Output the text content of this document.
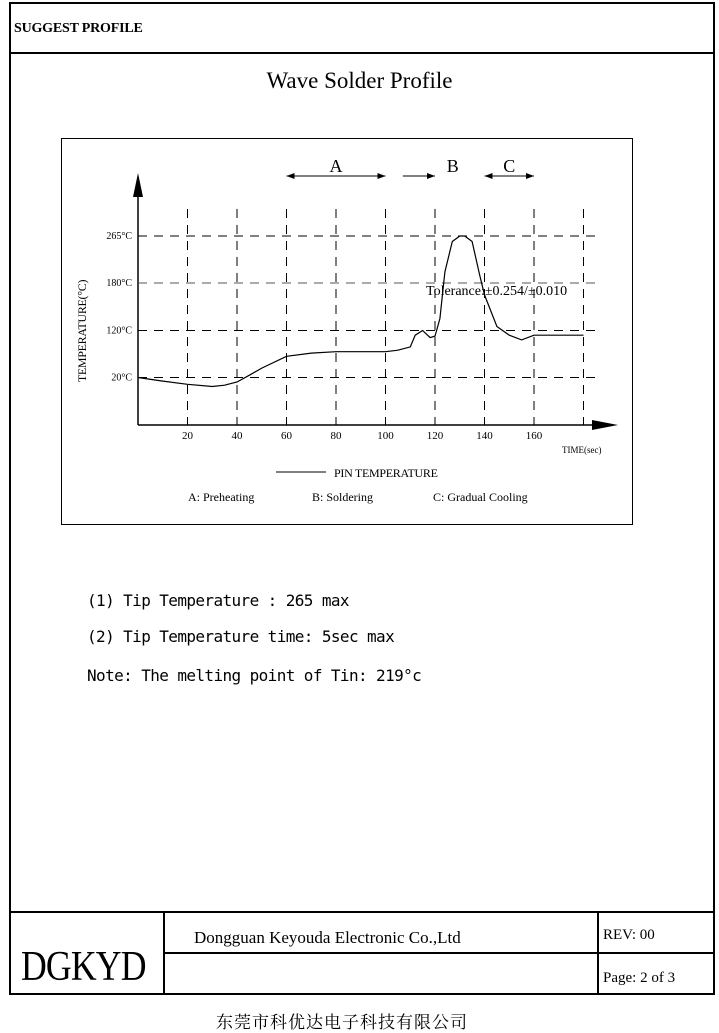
SUGGEST PROFILE
Wave Solder Profile
20°C
120°C
180°C
265°C
20	40	60	80	100	120	140	160
A	B C
TEMPERATURE(°C)
TIME(sec)
Tolerance:±0.254/±0.010
PIN TEMPERATURE
A: Preheating	B: Soldering	C: Gradual Cooling
(1) Tip Temperature : 265 max
(2) Tip Temperature time: 5sec max
Note: The melting point of Tin: 219°c
DGKYD
Dongguan Keyouda Electronic Co.,Ltd
东莞市科优达电子科技有限公司
REV: 00
Page: 2 of 3
